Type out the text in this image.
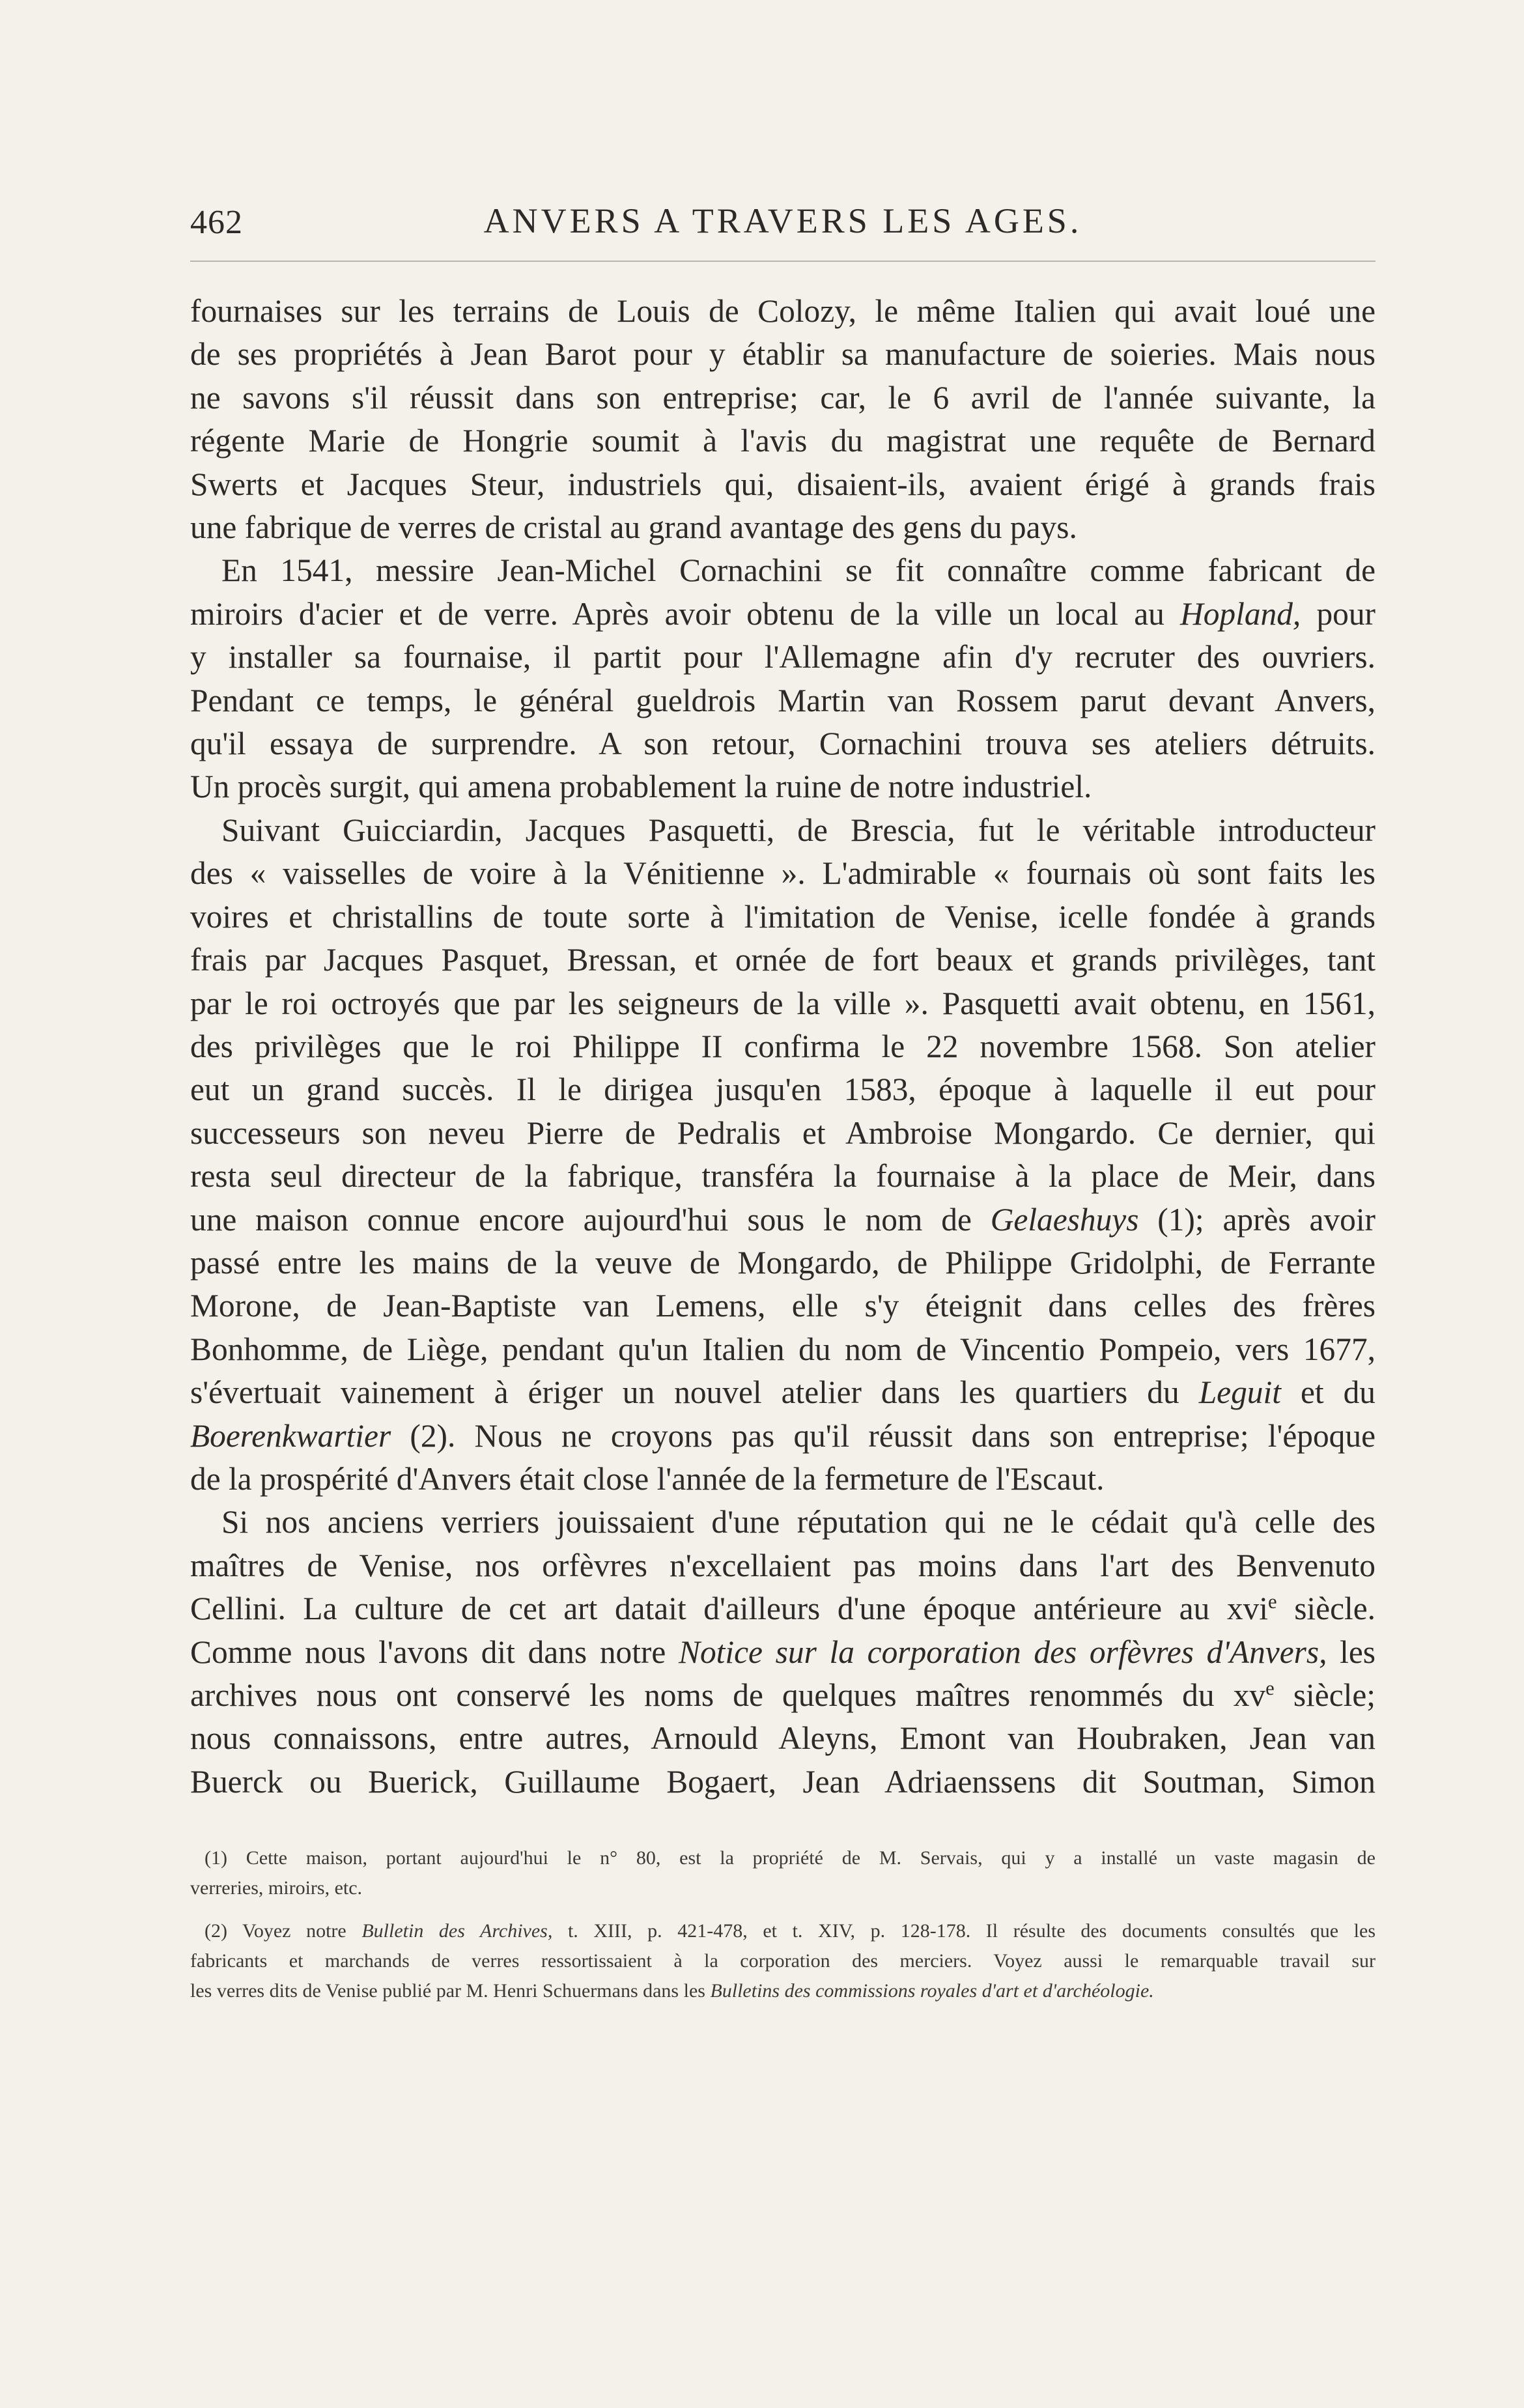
462	ANVERS A TRAVERS LES AGES.
fournaises sur les terrains de Louis de Colozy, le même Italien qui avait loué une
de ses propriétés à Jean Barot pour y établir sa manufacture de soieries. Mais nous
ne savons s'il réussit dans son entreprise; car, le 6 avril de l'année suivante, la
régente Marie de Hongrie soumit à l'avis du magistrat une requête de Bernard
Swerts et Jacques Steur, industriels qui, disaient-ils, avaient érigé à grands frais
une fabrique de verres de cristal au grand avantage des gens du pays.
En 1541, messire Jean-Michel Cornachini se fit connaître comme fabricant de
miroirs d'acier et de verre. Après avoir obtenu de la ville un local au Hopland, pour
y installer sa fournaise, il partit pour l'Allemagne afin d'y recruter des ouvriers.
Pendant ce temps, le général gueldrois Martin van Rossem parut devant Anvers,
qu'il essaya de surprendre. A son retour, Cornachini trouva ses ateliers détruits.
Un procès surgit, qui amena probablement la ruine de notre industriel.
Suivant Guicciardin, Jacques Pasquetti, de Brescia, fut le véritable introducteur
des « vaisselles de voire à la Vénitienne ». L'admirable « fournais où sont faits les
voires et christallins de toute sorte à l'imitation de Venise, icelle fondée à grands
frais par Jacques Pasquet, Bressan, et ornée de fort beaux et grands privilèges, tant
par le roi octroyés que par les seigneurs de la ville ». Pasquetti avait obtenu, en 1561,
des privilèges que le roi Philippe II confirma le 22 novembre 1568. Son atelier
eut un grand succès. Il le dirigea jusqu'en 1583, époque à laquelle il eut pour
successeurs son neveu Pierre de Pedralis et Ambroise Mongardo. Ce dernier, qui
resta seul directeur de la fabrique, transféra la fournaise à la place de Meir, dans
une maison connue encore aujourd'hui sous le nom de Gelaeshuys (1); après avoir
passé entre les mains de la veuve de Mongardo, de Philippe Gridolphi, de Ferrante
Morone, de Jean-Baptiste van Lemens, elle s'y éteignit dans celles des frères
Bonhomme, de Liège, pendant qu'un Italien du nom de Vincentio Pompeio, vers 1677,
s'évertuait vainement à ériger un nouvel atelier dans les quartiers du Leguit et du
Boerenkwartier (2). Nous ne croyons pas qu'il réussit dans son entreprise; l'époque
de la prospérité d'Anvers était close l'année de la fermeture de l'Escaut.
Si nos anciens verriers jouissaient d'une réputation qui ne le cédait qu'à celle des
maîtres de Venise, nos orfèvres n'excellaient pas moins dans l'art des Benvenuto
Cellini. La culture de cet art datait d'ailleurs d'une époque antérieure au xvi$^e$ siècle.
Comme nous l'avons dit dans notre Notice sur la corporation des orfèvres d'Anvers, les
archives nous ont conservé les noms de quelques maîtres renommés du $xv^e$ siècle;
nous connaissons, entre autres, Arnould Aleyns, Emont van Houbraken, Jean van
Buerck ou Buerick, Guillaume Bogaert, Jean Adriaenssens dit Soutman, Simon
(1) Cette maison, portant aujourd'hui le n° 80, est la propriété de M. Servais, qui y a installé un vaste magasin de
verreries, miroirs, etc.
(2) Voyez notre Bulletin des Archives, t. XIII, p. 421-478, et t. XIV, p. 128-178. Il résulte des documents consultés que les
fabricants et marchands de verres ressortissaient à la corporation des merciers. Voyez aussi le remarquable travail sur
les verres dits de Venise publié par M. Henri Schuermans dans les Bulletins des commissions royales d'art et d'archéologie.
